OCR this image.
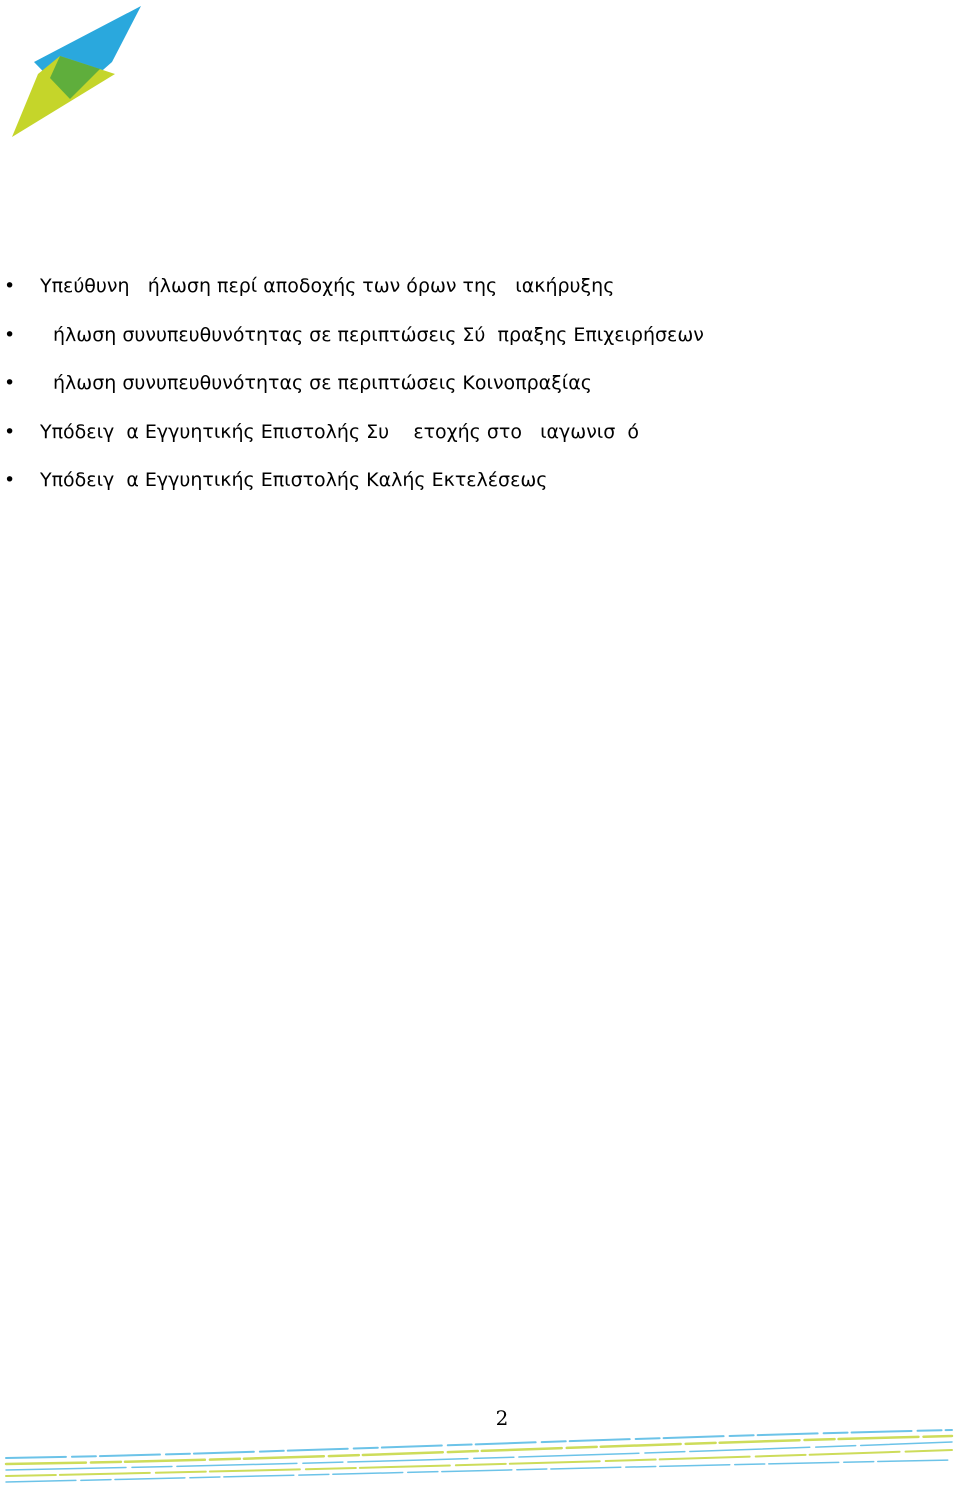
•

Υπεύθυνη   ήλωση περί αποδοχής των όρων της   ιακήρυξης

•

ήλωση συνυπευθυνότητας σε περιπτώσεις Σύ  πραξης Επιχειρήσεων

•

ήλωση συνυπευθυνότητας σε περιπτώσεις Κοινοπραξίας

•

Υπόδειγ  α Εγγυητικής Επιστολής Συ    ετοχής στο   ιαγωνισ  ό

•

Υπόδειγ  α Εγγυητικής Επιστολής Καλής Εκτελέσεως

2
